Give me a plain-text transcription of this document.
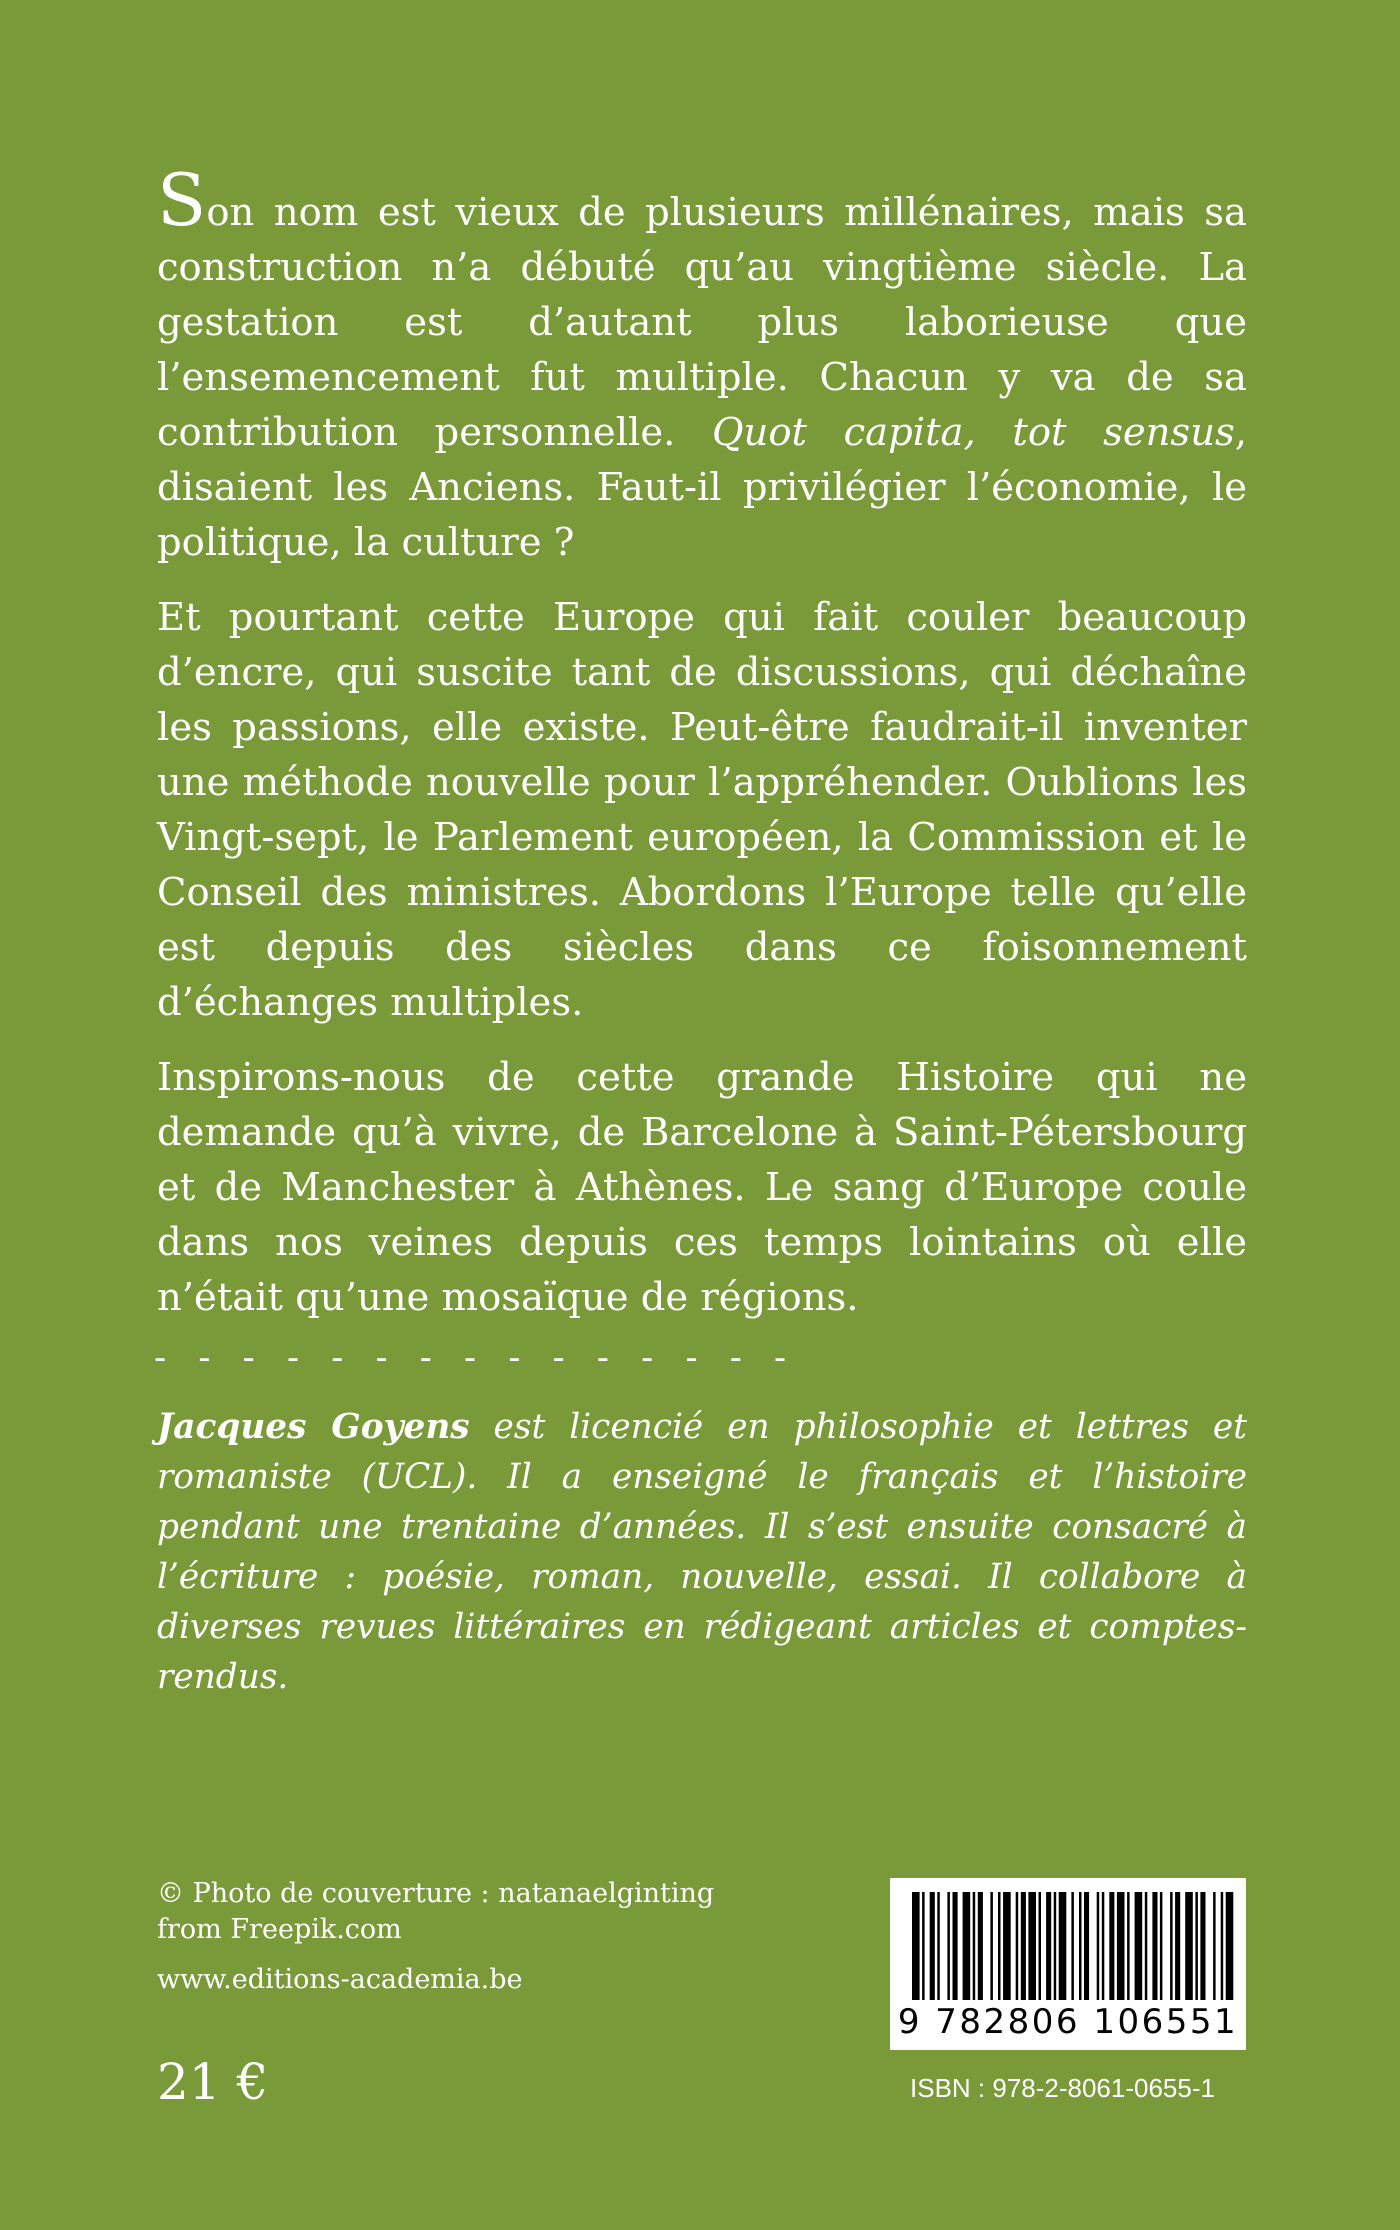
Son nom est vieux de plusieurs millénaires, mais sa construction n’a débuté qu’au vingtième siècle. La gestation est d’autant plus laborieuse que l’ensemencement fut multiple. Chacun y va de sa contribution personnelle. Quot capita, tot sensus, disaient les Anciens. Faut-il privilégier l’économie, le politique, la culture ?

Et pourtant cette Europe qui fait couler beaucoup d’encre, qui suscite tant de discussions, qui déchaîne les passions, elle existe. Peut-être faudrait-il inventer une méthode nouvelle pour l’appréhender. Oublions les Vingt-sept, le Parlement européen, la Commission et le Conseil des ministres. Abordons l’Europe telle qu’elle est depuis des siècles dans ce foisonnement d’échanges multiples.

Inspirons-nous de cette grande Histoire qui ne demande qu’à vivre, de Barcelone à Saint-Pétersbourg et de Manchester à Athènes. Le sang d’Europe coule dans nos veines depuis ces temps lointains où elle n’était qu’une mosaïque de régions.

- - - - - - - - - - - - - - -

Jacques Goyens est licencié en philosophie et lettres et romaniste (UCL). Il a enseigné le français et l’histoire pendant une trentaine d’années. Il s’est ensuite consacré à l’écriture : poésie, roman, nouvelle, essai. Il collabore à diverses revues littéraires en rédigeant articles et comptes-rendus.

© Photo de couverture : natanaelginting
from Freepik.com
www.editions-academia.be
21 €
9 782806 106551
ISBN : 978-2-8061-0655-1
